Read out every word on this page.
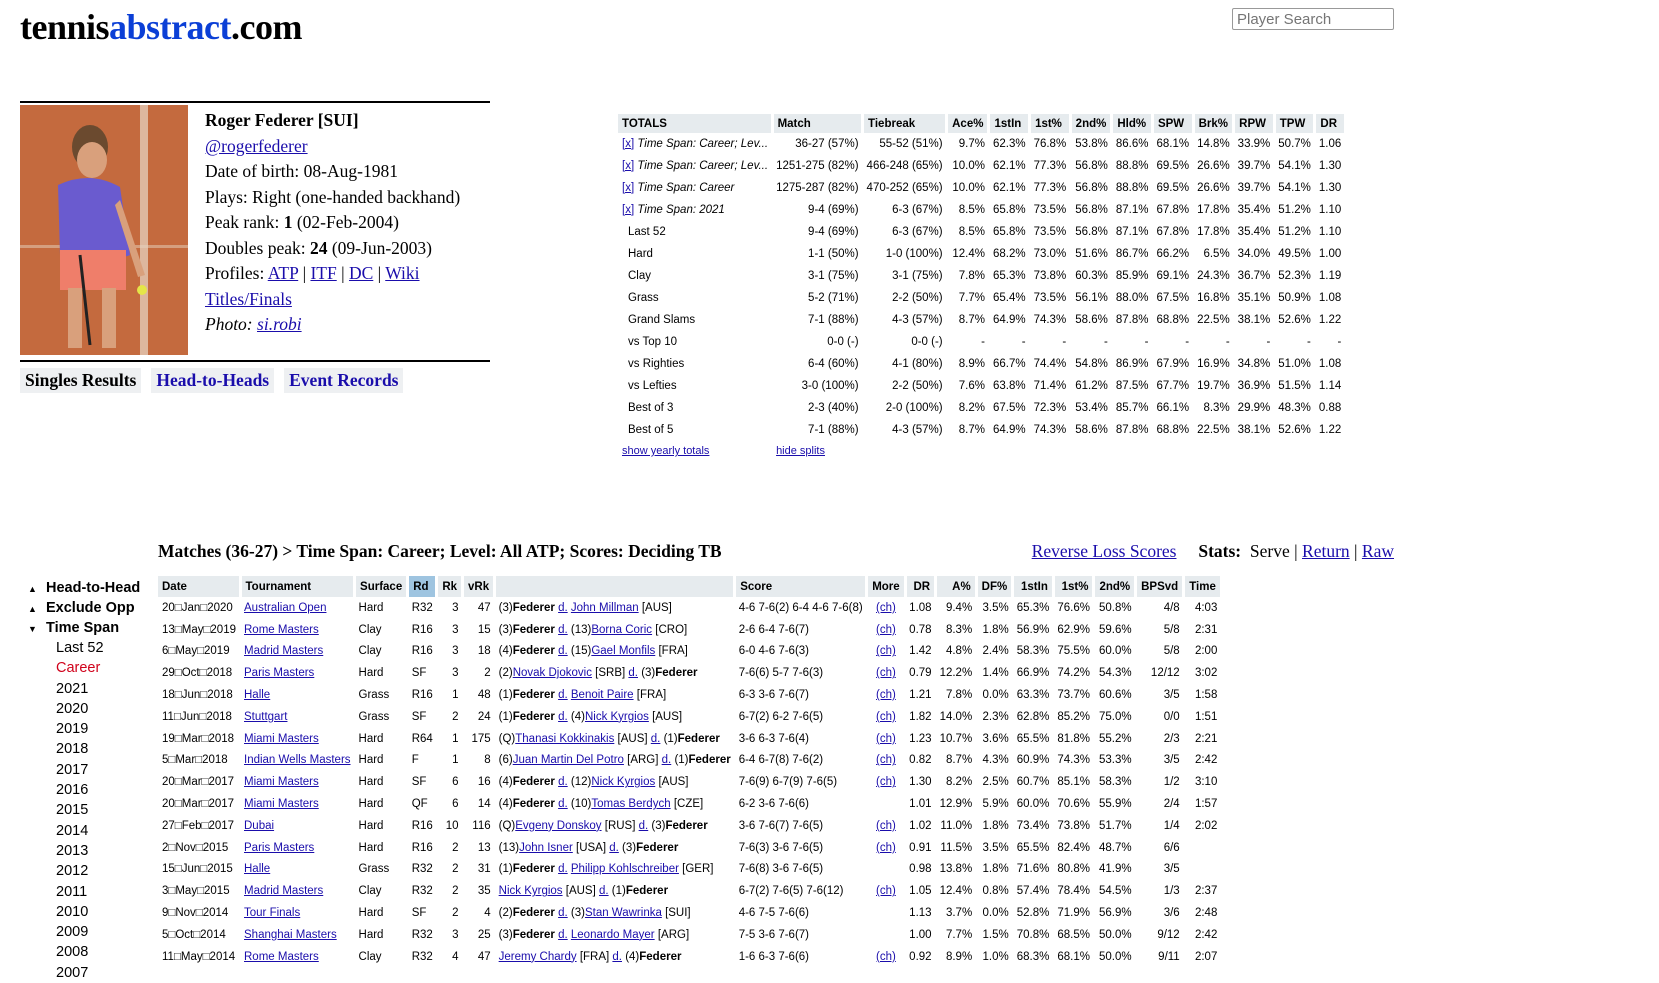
tennisabstract.com
Player Search
Roger Federer [SUI]
@rogerfederer
Date of birth: 08-Aug-1981
Plays: Right (one-handed backhand)
Peak rank: 1 (02-Feb-2004)
Doubles peak: 24 (09-Jun-2003)
Profiles: ATP | ITF | DC | Wiki
Titles/Finals
Photo: si.robi
Singles Results Head-to-Heads Event Records
TOTALS	Match	Tiebreak	Ace%	1stIn	1st%	2nd%	Hld%	SPW	Brk%	RPW	TPW	DR
[x] Time Span: Career; Lev...	36-27 (57%)	55-52 (51%)	9.7%	62.3%	76.8%	53.8%	86.6%	68.1%	14.8%	33.9%	50.7%	1.06
[x] Time Span: Career; Lev...	1251-275 (82%)	466-248 (65%)	10.0%	62.1%	77.3%	56.8%	88.8%	69.5%	26.6%	39.7%	54.1%	1.30
[x] Time Span: Career	1275-287 (82%)	470-252 (65%)	10.0%	62.1%	77.3%	56.8%	88.8%	69.5%	26.6%	39.7%	54.1%	1.30
[x] Time Span: 2021	9-4 (69%)	6-3 (67%)	8.5%	65.8%	73.5%	56.8%	87.1%	67.8%	17.8%	35.4%	51.2%	1.10
Last 52	9-4 (69%)	6-3 (67%)	8.5%	65.8%	73.5%	56.8%	87.1%	67.8%	17.8%	35.4%	51.2%	1.10
Hard	1-1 (50%)	1-0 (100%)	12.4%	68.2%	73.0%	51.6%	86.7%	66.2%	6.5%	34.0%	49.5%	1.00
Clay	3-1 (75%)	3-1 (75%)	7.8%	65.3%	73.8%	60.3%	85.9%	69.1%	24.3%	36.7%	52.3%	1.19
Grass	5-2 (71%)	2-2 (50%)	7.7%	65.4%	73.5%	56.1%	88.0%	67.5%	16.8%	35.1%	50.9%	1.08
Grand Slams	7-1 (88%)	4-3 (57%)	8.7%	64.9%	74.3%	58.6%	87.8%	68.8%	22.5%	38.1%	52.6%	1.22
vs Top 10	0-0 (-)	0-0 (-)	-	-	-	-	-	-	-	-	-	-
vs Righties	6-4 (60%)	4-1 (80%)	8.9%	66.7%	74.4%	54.8%	86.9%	67.9%	16.9%	34.8%	51.0%	1.08
vs Lefties	3-0 (100%)	2-2 (50%)	7.6%	63.8%	71.4%	61.2%	87.5%	67.7%	19.7%	36.9%	51.5%	1.14
Best of 3	2-3 (40%)	2-0 (100%)	8.2%	67.5%	72.3%	53.4%	85.7%	66.1%	8.3%	29.9%	48.3%	0.88
Best of 5	7-1 (88%)	4-3 (57%)	8.7%	64.9%	74.3%	58.6%	87.8%	68.8%	22.5%	38.1%	52.6%	1.22
show yearly totals	hide splits											
Matches (36-27) > Time Span: Career; Level: All ATP; Scores: Deciding TB	Reverse Loss Scores Stats: Serve | Return | Raw
▲ Head-to-Head
▲ Exclude Opp
▼ Time Span
Last 52
Career
2021
2020
2019
2018
2017
2016
2015
2014
2013
2012
2011
2010
2009
2008
2007
Date	Tournament	Surface	Rd	Rk	vRk		Score	More	DR	A%	DF%	1stIn	1st%	2nd%	BPSvd	Time
20□Jan□2020	Australian Open	Hard	R32	3	47	(3)Federer d. John Millman [AUS]	4-6 7-6(2) 6-4 4-6 7-6(8)	(ch)	1.08	9.4%	3.5%	65.3%	76.6%	50.8%	4/8	4:03
13□May□2019	Rome Masters	Clay	R16	3	15	(3)Federer d. (13)Borna Coric [CRO]	2-6 6-4 7-6(7)	(ch)	0.78	8.3%	1.8%	56.9%	62.9%	59.6%	5/8	2:31
6□May□2019	Madrid Masters	Clay	R16	3	18	(4)Federer d. (15)Gael Monfils [FRA]	6-0 4-6 7-6(3)	(ch)	1.42	4.8%	2.4%	58.3%	75.5%	60.0%	5/8	2:00
29□Oct□2018	Paris Masters	Hard	SF	3	2	(2)Novak Djokovic [SRB] d. (3)Federer	7-6(6) 5-7 7-6(3)	(ch)	0.79	12.2%	1.4%	66.9%	74.2%	54.3%	12/12	3:02
18□Jun□2018	Halle	Grass	R16	1	48	(1)Federer d. Benoit Paire [FRA]	6-3 3-6 7-6(7)	(ch)	1.21	7.8%	0.0%	63.3%	73.7%	60.6%	3/5	1:58
11□Jun□2018	Stuttgart	Grass	SF	2	24	(1)Federer d. (4)Nick Kyrgios [AUS]	6-7(2) 6-2 7-6(5)	(ch)	1.82	14.0%	2.3%	62.8%	85.2%	75.0%	0/0	1:51
19□Mar□2018	Miami Masters	Hard	R64	1	175	(Q)Thanasi Kokkinakis [AUS] d. (1)Federer	3-6 6-3 7-6(4)	(ch)	1.23	10.7%	3.6%	65.5%	81.8%	55.2%	2/3	2:21
5□Mar□2018	Indian Wells Masters	Hard	F	1	8	(6)Juan Martin Del Potro [ARG] d. (1)Federer	6-4 6-7(8) 7-6(2)	(ch)	0.82	8.7%	4.3%	60.9%	74.3%	53.3%	3/5	2:42
20□Mar□2017	Miami Masters	Hard	SF	6	16	(4)Federer d. (12)Nick Kyrgios [AUS]	7-6(9) 6-7(9) 7-6(5)	(ch)	1.30	8.2%	2.5%	60.7%	85.1%	58.3%	1/2	3:10
20□Mar□2017	Miami Masters	Hard	QF	6	14	(4)Federer d. (10)Tomas Berdych [CZE]	6-2 3-6 7-6(6)		1.01	12.9%	5.9%	60.0%	70.6%	55.9%	2/4	1:57
27□Feb□2017	Dubai	Hard	R16	10	116	(Q)Evgeny Donskoy [RUS] d. (3)Federer	3-6 7-6(7) 7-6(5)	(ch)	1.02	11.0%	1.8%	73.4%	73.8%	51.7%	1/4	2:02
2□Nov□2015	Paris Masters	Hard	R16	2	13	(13)John Isner [USA] d. (3)Federer	7-6(3) 3-6 7-6(5)	(ch)	0.91	11.5%	3.5%	65.5%	82.4%	48.7%	6/6	
15□Jun□2015	Halle	Grass	R32	2	31	(1)Federer d. Philipp Kohlschreiber [GER]	7-6(8) 3-6 7-6(5)		0.98	13.8%	1.8%	71.6%	80.8%	41.9%	3/5	
3□May□2015	Madrid Masters	Clay	R32	2	35	Nick Kyrgios [AUS] d. (1)Federer	6-7(2) 7-6(5) 7-6(12)	(ch)	1.05	12.4%	0.8%	57.4%	78.4%	54.5%	1/3	2:37
9□Nov□2014	Tour Finals	Hard	SF	2	4	(2)Federer d. (3)Stan Wawrinka [SUI]	4-6 7-5 7-6(6)		1.13	3.7%	0.0%	52.8%	71.9%	56.9%	3/6	2:48
5□Oct□2014	Shanghai Masters	Hard	R32	3	25	(3)Federer d. Leonardo Mayer [ARG]	7-5 3-6 7-6(7)		1.00	7.7%	1.5%	70.8%	68.5%	50.0%	9/12	2:42
11□May□2014	Rome Masters	Clay	R32	4	47	Jeremy Chardy [FRA] d. (4)Federer	1-6 6-3 7-6(6)	(ch)	0.92	8.9%	1.0%	68.3%	68.1%	50.0%	9/11	2:07
